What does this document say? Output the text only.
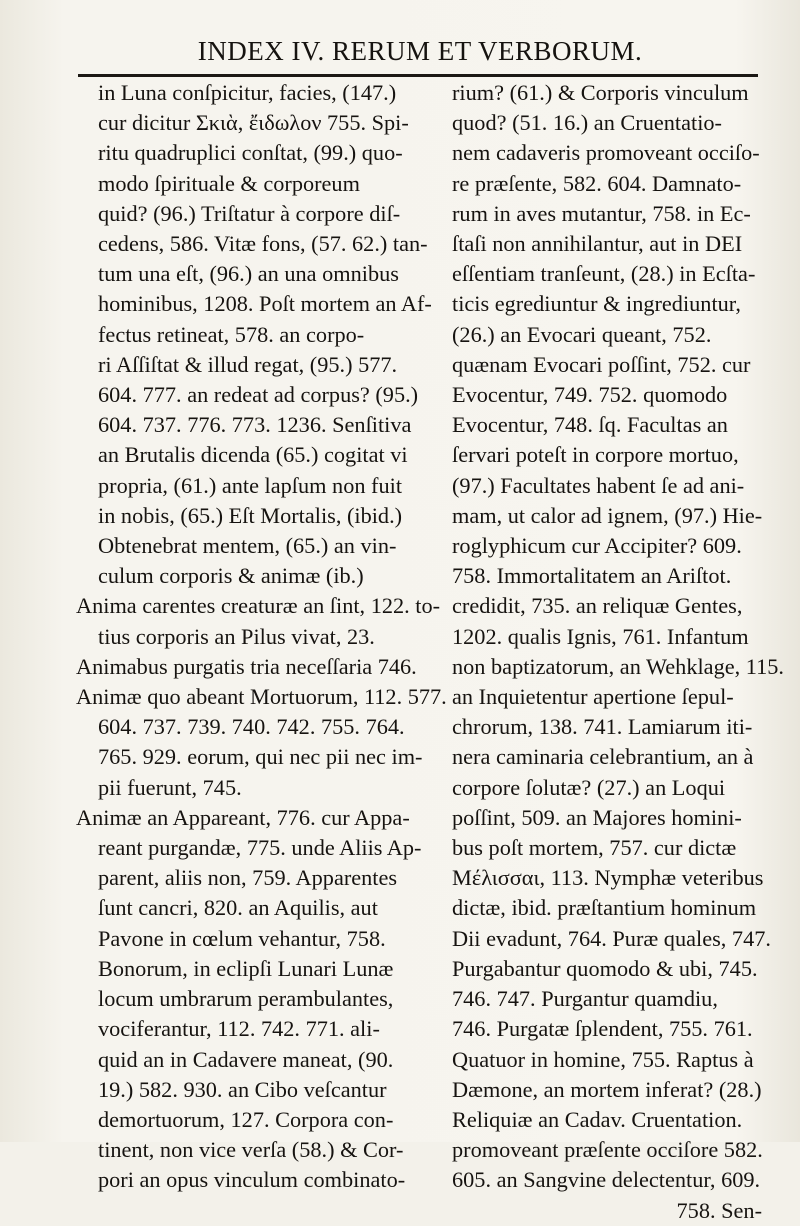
INDEX IV. RERUM ET VERBORUM.
in Luna conſpicitur, facies, (147.)
cur dicitur Σκιὰ, ἔιδωλον 755. Spi-
ritu quadruplici conſtat, (99.) quo-
modo ſpirituale & corporeum
quid? (96.) Triſtatur à corpore diſ-
cedens, 586. Vitæ fons, (57. 62.) tan-
tum una eſt, (96.) an una omnibus
hominibus, 1208. Poſt mortem an Af-
fectus retineat, 578. an corpo-
ri Aſſiſtat & illud regat, (95.) 577.
604. 777. an redeat ad corpus? (95.)
604. 737. 776. 773. 1236. Senſitiva
an Brutalis dicenda (65.) cogitat vi
propria, (61.) ante lapſum non fuit
in nobis, (65.) Eſt Mortalis, (ibid.)
Obtenebrat mentem, (65.) an vin-
culum corporis & animæ (ib.)
Anima carentes creaturæ an ſint, 122. to-
tius corporis an Pilus vivat, 23.
Animabus purgatis tria neceſſaria 746.
Animæ quo abeant Mortuorum, 112. 577.
604. 737. 739. 740. 742. 755. 764.
765. 929. eorum, qui nec pii nec im-
pii fuerunt, 745.
Animæ an Appareant, 776. cur Appa-
reant purgandæ, 775. unde Aliis Ap-
parent, aliis non, 759. Apparentes
ſunt cancri, 820. an Aquilis, aut
Pavone in cœlum vehantur, 758.
Bonorum, in eclipſi Lunari Lunæ
locum umbrarum perambulantes,
vociferantur, 112. 742. 771. ali-
quid an in Cadavere maneat, (90.
19.) 582. 930. an Cibo veſcantur
demortuorum, 127. Corpora con-
tinent, non vice verſa (58.) & Cor-
pori an opus vinculum combinato-
rium? (61.) & Corporis vinculum
quod? (51. 16.) an Cruentatio-
nem cadaveris promoveant occiſo-
re præſente, 582. 604. Damnato-
rum in aves mutantur, 758. in Ec-
ſtaſi non annihilantur, aut in DEI
eſſentiam tranſeunt, (28.) in Ecſta-
ticis egrediuntur & ingrediuntur,
(26.) an Evocari queant, 752.
quænam Evocari poſſint, 752. cur
Evocentur, 749. 752. quomodo
Evocentur, 748. ſq. Facultas an
ſervari poteſt in corpore mortuo,
(97.) Facultates habent ſe ad ani-
mam, ut calor ad ignem, (97.) Hie-
roglyphicum cur Accipiter? 609.
758. Immortalitatem an Ariſtot.
credidit, 735. an reliquæ Gentes,
1202. qualis Ignis, 761. Infantum
non baptizatorum, an Wehklage, 115.
an Inquietentur apertione ſepul-
chrorum, 138. 741. Lamiarum iti-
nera caminaria celebrantium, an à
corpore ſolutæ? (27.) an Loqui
poſſint, 509. an Majores homini-
bus poſt mortem, 757. cur dictæ
Μέλισσαι, 113. Nymphæ veteribus
dictæ, ibid. præſtantium hominum
Dii evadunt, 764. Puræ quales, 747.
Purgabantur quomodo & ubi, 745.
746. 747. Purgantur quamdiu,
746. Purgatæ ſplendent, 755. 761.
Quatuor in homine, 755. Raptus à
Dæmone, an mortem inferat? (28.)
Reliquiæ an Cadav. Cruentation.
promoveant præſente occiſore 582.
605. an Sangvine delectentur, 609.
758. Sen-
